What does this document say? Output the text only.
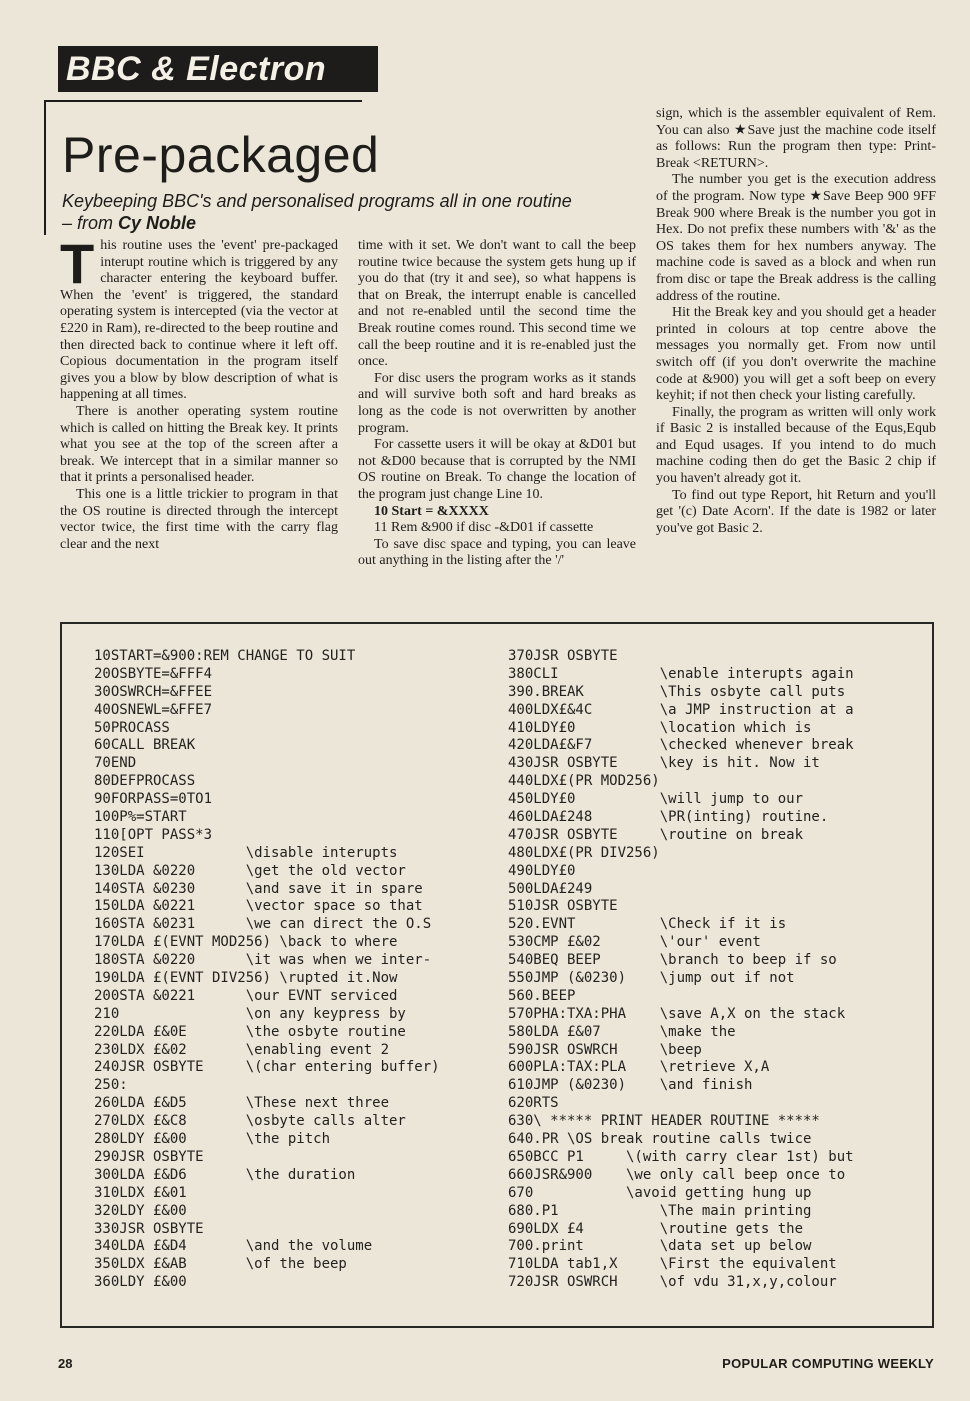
BBC & Electron
Pre-packaged
Keybeeping BBC's and personalised programs all in one routine – from Cy Noble

This routine uses the 'event' pre-packaged interupt routine which is triggered by any character entering the keyboard buffer. When the 'event' is triggered, the standard operating system is intercepted (via the vector at £220 in Ram), re-directed to the beep routine and then directed back to continue where it left off. Copious documentation in the program itself gives you a blow by blow description of what is happening at all times.

There is another operating system routine which is called on hitting the Break key. It prints what you see at the top of the screen after a break. We intercept that in a similar manner so that it prints a personalised header.

This one is a little trickier to program in that the OS routine is directed through the intercept vector twice, the first time with the carry flag clear and the next

time with it set. We don't want to call the beep routine twice because the system gets hung up if you do that (try it and see), so what happens is that on Break, the interrupt enable is cancelled and not re-enabled until the second time the Break routine comes round. This second time we call the beep routine and it is re-enabled just the once.

For disc users the program works as it stands and will survive both soft and hard breaks as long as the code is not overwritten by another program.

For cassette users it will be okay at &D01 but not &D00 because that is corrupted by the NMI OS routine on Break. To change the location of the program just change Line 10.

10 Start = &XXXX

11 Rem &900 if disc -&D01 if cassette

To save disc space and typing, you can leave out anything in the listing after the '/'

sign, which is the assembler equivalent of Rem. You can also ★Save just the machine code itself as follows: Run the program then type: Print-Break <RETURN>.

The number you get is the execution address of the program. Now type ★Save Beep 900 9FF Break 900 where Break is the number you got in Hex. Do not prefix these numbers with '&' as the OS takes them for hex numbers anyway. The machine code is saved as a block and when run from disc or tape the Break address is the calling address of the routine.

Hit the Break key and you should get a header printed in colours at top centre above the messages you normally get. From now until switch off (if you don't overwrite the machine code at &900) you will get a soft beep on every keyhit; if not then check your listing carefully.

Finally, the program as written will only work if Basic 2 is installed because of the Equs,Equb and Equd usages. If you intend to do much machine coding then do get the Basic 2 chip if you haven't already got it.

To find out type Report, hit Return and you'll get '(c) Date Acorn'. If the date is 1982 or later you've got Basic 2.

10START=&900:REM CHANGE TO SUIT
20OSBYTE=&FFF4
30OSWRCH=&FFEE
40OSNEWL=&FFE7
50PROCASS
60CALL BREAK
70END
80DEFPROCASS
90FORPASS=0TO1
100P%=START
110[OPT PASS*3
120SEI            \disable interupts
130LDA &0220      \get the old vector
140STA &0230      \and save it in spare
150LDA &0221      \vector space so that
160STA &0231      \we can direct the O.S
170LDA £(EVNT MOD256) \back to where
180STA &0220      \it was when we inter-
190LDA £(EVNT DIV256) \rupted it.Now
200STA &0221      \our EVNT serviced
210               \on any keypress by
220LDA £&0E       \the osbyte routine
230LDX £&02       \enabling event 2
240JSR OSBYTE     \(char entering buffer)
250:
260LDA £&D5       \These next three
270LDX £&C8       \osbyte calls alter
280LDY £&00       \the pitch
290JSR OSBYTE
300LDA £&D6       \the duration
310LDX £&01
320LDY £&00
330JSR OSBYTE
340LDA £&D4       \and the volume
350LDX £&AB       \of the beep
360LDY £&00
370JSR OSBYTE
380CLI            \enable interupts again
390.BREAK         \This osbyte call puts
400LDX£&4C        \a JMP instruction at a
410LDY£0          \location which is
420LDA£&F7        \checked whenever break
430JSR OSBYTE     \key is hit. Now it
440LDX£(PR MOD256)
450LDY£0          \will jump to our
460LDA£248        \PR(inting) routine.
470JSR OSBYTE     \routine on break
480LDX£(PR DIV256)
490LDY£0
500LDA£249
510JSR OSBYTE
520.EVNT          \Check if it is
530CMP £&02       \'our' event
540BEQ BEEP       \branch to beep if so
550JMP (&0230)    \jump out if not
560.BEEP
570PHA:TXA:PHA    \save A,X on the stack
580LDA £&07       \make the
590JSR OSWRCH     \beep
600PLA:TAX:PLA    \retrieve X,A
610JMP (&0230)    \and finish
620RTS
630\ ***** PRINT HEADER ROUTINE *****
640.PR \OS break routine calls twice
650BCC P1     \(with carry clear 1st) but
660JSR&900    \we only call beep once to
670           \avoid getting hung up
680.P1            \The main printing
690LDX £4         \routine gets the
700.print         \data set up below
710LDA tab1,X     \First the equivalent
720JSR OSWRCH     \of vdu 31,x,y,colour
28	POPULAR COMPUTING WEEKLY
